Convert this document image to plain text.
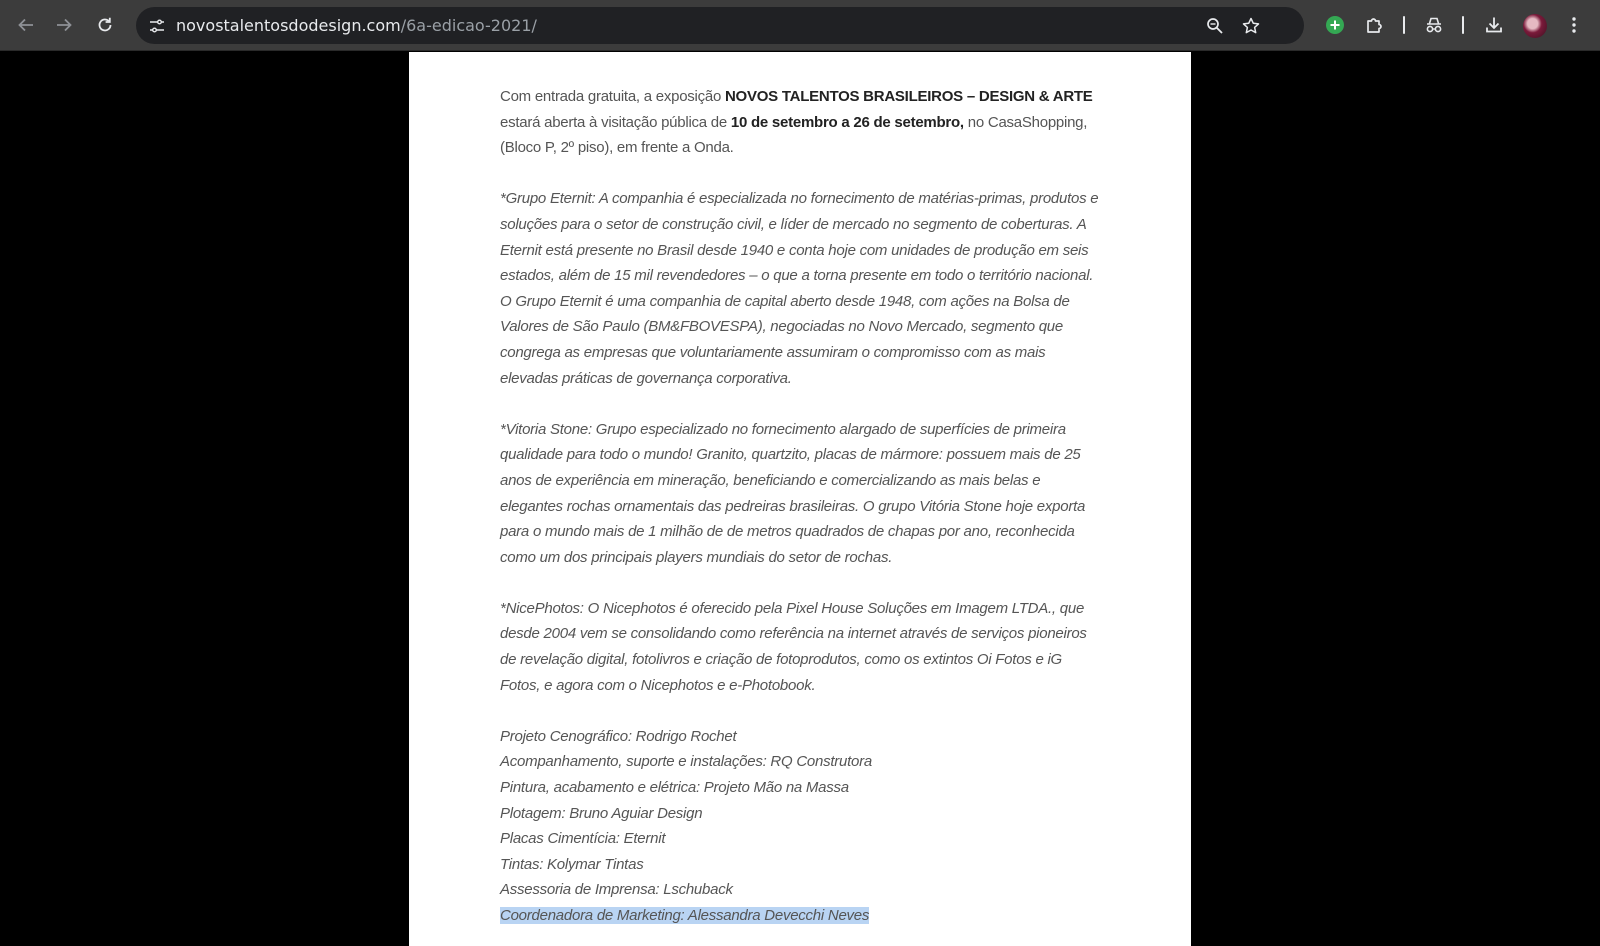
novostalentosdodesign.com/6a-edicao-2021/

Com entrada gratuita, a exposição NOVOS TALENTOS BRASILEIROS – DESIGN & ARTE estará aberta à visitação pública de 10 de setembro a 26 de setembro, no CasaShopping, (Bloco P, 2º piso), em frente a Onda.

*Grupo Eternit: A companhia é especializada no fornecimento de matérias-primas, produtos e soluções para o setor de construção civil, e líder de mercado no segmento de coberturas. A Eternit está presente no Brasil desde 1940 e conta hoje com unidades de produção em seis estados, além de 15 mil revendedores – o que a torna presente em todo o território nacional. O Grupo Eternit é uma companhia de capital aberto desde 1948, com ações na Bolsa de Valores de São Paulo (BM&FBOVESPA), negociadas no Novo Mercado, segmento que congrega as empresas que voluntariamente assumiram o compromisso com as mais elevadas práticas de governança corporativa.

*Vitoria Stone: Grupo especializado no fornecimento alargado de superfícies de primeira qualidade para todo o mundo! Granito, quartzito, placas de mármore: possuem mais de 25 anos de experiência em mineração, beneficiando e comercializando as mais belas e elegantes rochas ornamentais das pedreiras brasileiras. O grupo Vitória Stone hoje exporta para o mundo mais de 1 milhão de de metros quadrados de chapas por ano, reconhecida como um dos principais players mundiais do setor de rochas.

*NicePhotos: O Nicephotos é oferecido pela Pixel House Soluções em Imagem LTDA., que desde 2004 vem se consolidando como referência na internet através de serviços pioneiros de revelação digital, fotolivros e criação de fotoprodutos, como os extintos Oi Fotos e iG Fotos, e agora com o Nicephotos e e-Photobook.

Projeto Cenográfico: Rodrigo Rochet

Acompanhamento, suporte e instalações: RQ Construtora

Pintura, acabamento e elétrica: Projeto Mão na Massa

Plotagem: Bruno Aguiar Design

Placas Cimentícia: Eternit

Tintas: Kolymar Tintas

Assessoria de Imprensa: Lschuback

Coordenadora de Marketing: Alessandra Devecchi Neves
